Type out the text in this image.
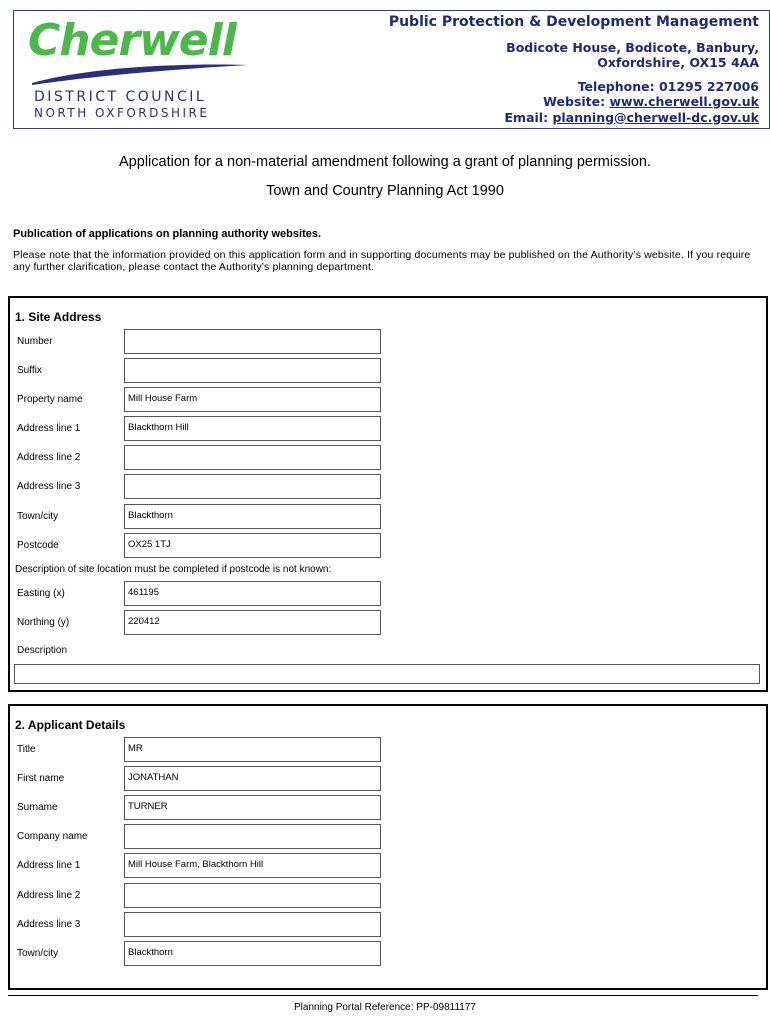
Cherwell
DISTRICT COUNCIL
NORTH OXFORDSHIRE
Public Protection & Development Management
Bodicote House, Bodicote, Banbury,
Oxfordshire, OX15 4AA
Telephone: 01295 227006
Website: www.cherwell.gov.uk
Email: planning@cherwell-dc.gov.uk
Application for a non-material amendment following a grant of planning permission.
Town and Country Planning Act 1990
Publication of applications on planning authority websites.
Please note that the information provided on this application form and in supporting documents may be published on the Authority’s website. If you require any further clarification, please contact the Authority’s planning department.
1. Site Address
Number
Suffix
Property name	Mill House Farm
Address line 1	Blackthorn Hill
Address line 2
Address line 3
Town/city	Blackthorn
Postcode	OX25 1TJ
Description of site location must be completed if postcode is not known:
Easting (x)	461195
Northing (y)	220412
Description
2. Applicant Details
Title	MR
First name	JONATHAN
Surname	TURNER
Company name
Address line 1	Mill House Farm, Blackthorn Hill
Address line 2
Address line 3
Town/city	Blackthorn
Planning Portal Reference: PP-09811177
